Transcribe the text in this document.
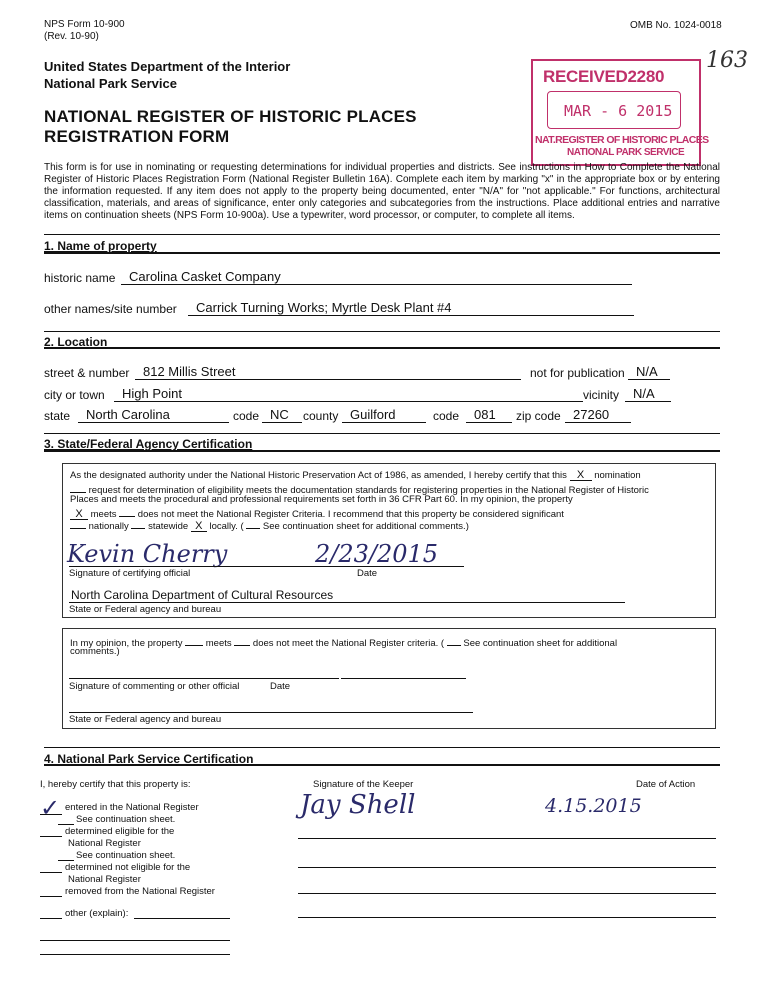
NPS Form 10-900
(Rev. 10-90)
OMB No. 1024-0018
163
United States Department of the Interior
National Park Service
NATIONAL REGISTER OF HISTORIC PLACES
REGISTRATION FORM
RECEIVED2280
MAR - 6 2015
NAT.REGISTER OF HISTORIC PLACES
NATIONAL PARK SERVICE
This form is for use in nominating or requesting determinations for individual properties and districts. See instructions in How to Complete the National Register of Historic Places Registration Form (National Register Bulletin 16A). Complete each item by marking "x" in the appropriate box or by entering the information requested. If any item does not apply to the property being documented, enter "N/A" for "not applicable." For functions, architectural classification, materials, and areas of significance, enter only categories and subcategories from the instructions. Place additional entries and narrative items on continuation sheets (NPS Form 10-900a). Use a typewriter, word processor, or computer, to complete all items.
1. Name of property
historic name	Carolina Casket Company
other names/site number	Carrick Turning Works; Myrtle Desk Plant #4
2. Location
street & number	812 Millis Street	not for publication N/A
city or town	High Point	vicinity	N/A
state	North Carolina	code NC	county Guilford	code	081	zip code 27260
3. State/Federal Agency Certification
As the designated authority under the National Historic Preservation Act of 1986, as amended, I hereby certify that this X nomination
request for determination of eligibility meets the documentation standards for registering properties in the National Register of Historic
Places and meets the procedural and professional requirements set forth in 36 CFR Part 60. In my opinion, the property
X meets does not meet the National Register Criteria. I recommend that this property be considered significant
nationally statewide X locally. ( See continuation sheet for additional comments.)
Kevin Cherry	2/23/2015
Signature of certifying official	Date
North Carolina Department of Cultural Resources
State or Federal agency and bureau
In my opinion, the property meets does not meet the National Register criteria. ( See continuation sheet for additional
comments.)
Signature of commenting or other official	Date
State or Federal agency and bureau
4. National Park Service Certification
I, hereby certify that this property is:	Signature of the Keeper	Date of Action
✓	Jay Shell	4.15.2015
entered in the National Register
See continuation sheet.
determined eligible for the
National Register
See continuation sheet.
determined not eligible for the
National Register
removed from the National Register
other (explain):
